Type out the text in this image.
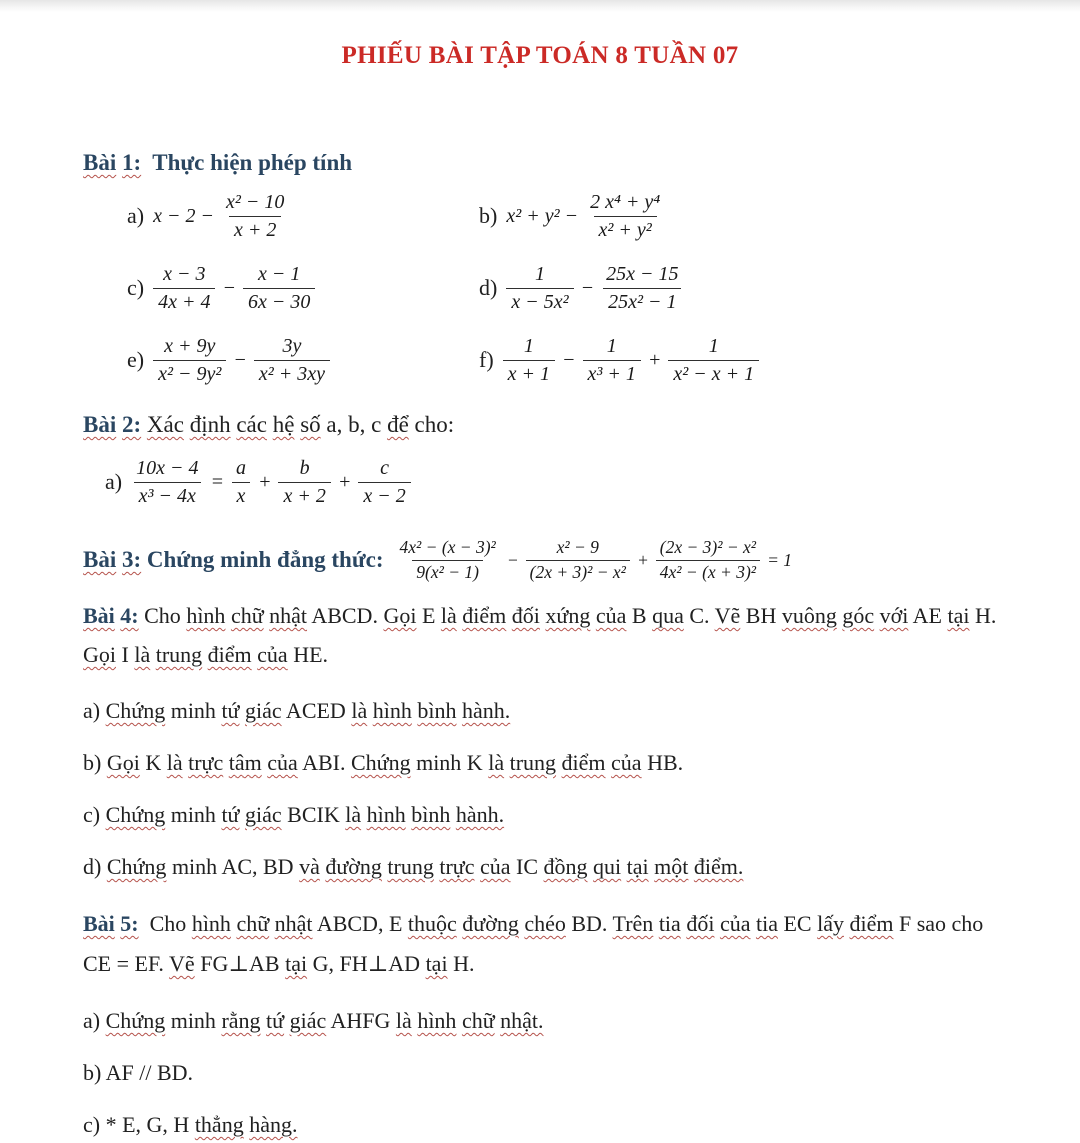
PHIẾU BÀI TẬP TOÁN 8 TUẦN 07

Bài 1:  Thực hiện phép tính

a) $x - 2 - \frac{\text{x² − 10}}{x + 2}$	b) $x^2 + y^2 - \frac{\text{2 x⁴ + y⁴}}{\text{x² + y²}}$
$c) \frac{x - 3}{4x + 4} - \frac{x - 1}{6x - 30}$	$d) \frac{1}{\text{x − 5x²}} - \frac{25x - 15}{\text{25x² − 1}}$
$e) \frac{x + 9y}{\text{x² − 9y²}} - \frac{3y}{\text{x² + 3xy}}$	$f) \frac{1}{x + 1} - \frac{1}{\text{x³ + 1}} + \frac{1}{\text{x² − x + 1}}$

Bài 2: Xác định các hệ số a, b, c để cho:

$a) \frac{10x - 4}{\text{x³ − 4x}} = \frac{a}{x} + \frac{b}{x + 2} + \frac{c}{x - 2}$

Bài 3: Chứng minh đẳng thức: $\frac{\text{4x² − (x − 3)²}}{\text{9(x² − 1)}} - \frac{\text{x² − 9}}{\text{(2x + 3)² − x²}} + \frac{\text{(2x − 3)² − x²}}{\text{4x² − (x + 3)²}} = 1$

Bài 4: Cho hình chữ nhật ABCD. Gọi E là điểm đối xứng của B qua C. Vẽ BH vuông góc với AE tại H. Gọi I là trung điểm của HE.

a) Chứng minh tứ giác ACED là hình bình hành.

b) Gọi K là trực tâm của ABI. Chứng minh K là trung điểm của HB.

c) Chứng minh tứ giác BCIK là hình bình hành.

d) Chứng minh AC, BD và đường trung trực của IC đồng qui tại một điểm.

Bài 5:  Cho hình chữ nhật ABCD, E thuộc đường chéo BD. Trên tia đối của tia EC lấy điểm F sao cho CE = EF. Vẽ FG⊥AB tại G, FH⊥AD tại H.

a) Chứng minh rằng tứ giác AHFG là hình chữ nhật.

b) AF // BD.

c) * E, G, H thẳng hàng.
